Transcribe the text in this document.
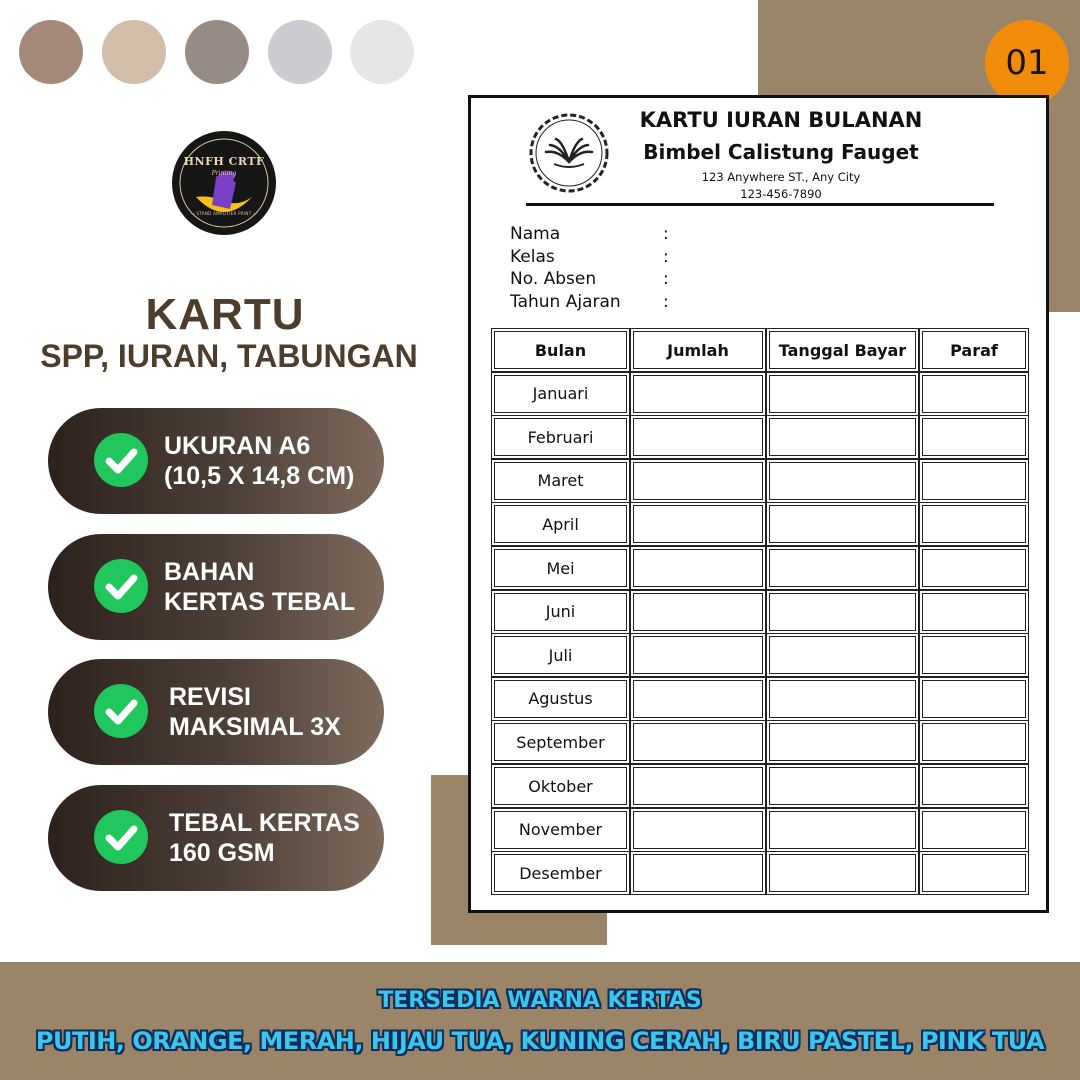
01
HNFH CRTF
Printing
— STAND AMPLIFIER PRINT —
KARTU
SPP, IURAN, TABUNGAN
UKURAN A6
(10,5 X 14,8 CM)
BAHAN
KERTAS TEBAL
REVISI
MAKSIMAL 3X
TEBAL KERTAS
160 GSM
KARTU IURAN BULANAN
Bimbel Calistung Fauget
123 Anywhere ST., Any City
123-456-7890
Nama	:
Kelas	:
No. Absen	:
Tahun Ajaran :
Bulan	Jumlah	Tanggal Bayar	Paraf
Januari
Februari
Maret
April
Mei
Juni
Juli
Agustus
September
Oktober
November
Desember
TERSEDIA WARNA KERTAS
PUTIH, ORANGE, MERAH, HIJAU TUA, KUNING CERAH, BIRU PASTEL, PINK TUA
